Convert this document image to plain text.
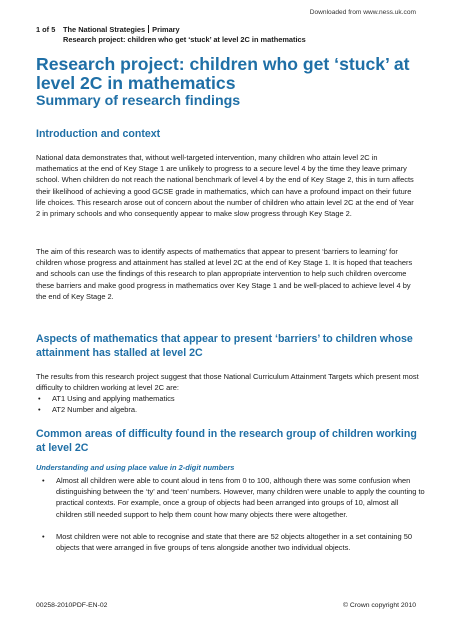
Downloaded from www.ness.uk.com
1 of 5 The National Strategies Primary
Research project: children who get ‘stuck’ at level 2C in mathematics
Research project: children who get ‘stuck’ at level 2C in mathematics
Summary of research findings
Introduction and context

National data demonstrates that, without well-targeted intervention, many children who attain level 2C in mathematics at the end of Key Stage 1 are unlikely to progress to a secure level 4 by the time they leave primary school. When children do not reach the national benchmark of level 4 by the end of Key Stage 2, this in turn affects their likelihood of achieving a good GCSE grade in mathematics, which can have a profound impact on their future life choices. This research arose out of concern about the number of children who attain level 2C at the end of Year 2 in primary schools and who consequently appear to make slow progress through Key Stage 2.

The aim of this research was to identify aspects of mathematics that appear to present ‘barriers to learning’ for children whose progress and attainment has stalled at level 2C at the end of Key Stage 1. It is hoped that teachers and schools can use the findings of this research to plan appropriate intervention to help such children overcome these barriers and make good progress in mathematics over Key Stage 1 and be well-placed to achieve level 4 by the end of Key Stage 2.

Aspects of mathematics that appear to present ‘barriers’ to children whose attainment has stalled at level 2C

The results from this research project suggest that those National Curriculum Attainment Targets which present most difficulty to children working at level 2C are:

• AT1 Using and applying mathematics
• AT2 Number and algebra.
Common areas of difficulty found in the research group of children working at level 2C
Understanding and using place value in 2-digit numbers
• Almost all children were able to count aloud in tens from 0 to 100, although there was some confusion when distinguishing between the ‘ty’ and ‘teen’ numbers. However, many children were unable to apply the counting to practical contexts. For example, once a group of objects had been arranged into groups of 10, almost all children still needed support to help them count how many objects there were altogether.
• Most children were not able to recognise and state that there are 52 objects altogether in a set containing 50 objects that were arranged in five groups of tens alongside another two individual objects.
00258-2010PDF-EN-02	© Crown copyright 2010
